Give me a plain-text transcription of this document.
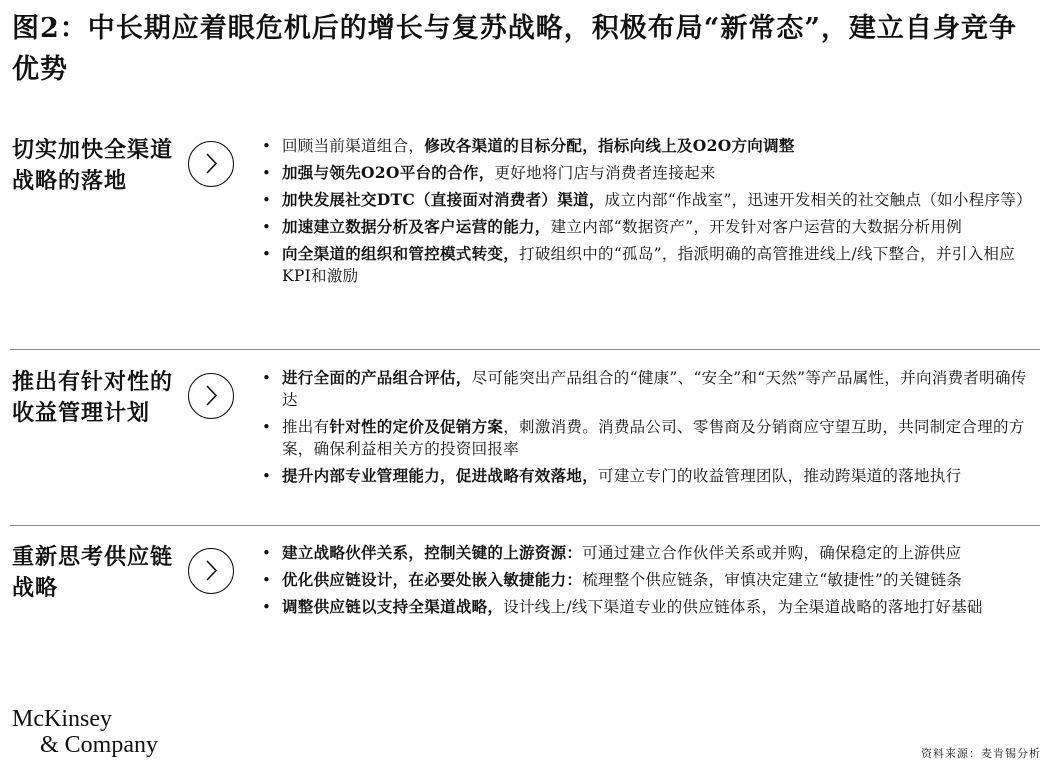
图2：中长期应着眼危机后的增长与复苏战略，积极布局“新常态”，建立自身竞争优势
切实加快全渠道战略的落地
• 回顾当前渠道组合，修改各渠道的目标分配，指标向线上及O2O方向调整
• 加强与领先O2O平台的合作，更好地将门店与消费者连接起来
• 加快发展社交DTC（直接面对消费者）渠道，成立内部“作战室”，迅速开发相关的社交触点（如小程序等）
• 加速建立数据分析及客户运营的能力，建立内部“数据资产”，开发针对客户运营的大数据分析用例
• 向全渠道的组织和管控模式转变，打破组织中的“孤岛”，指派明确的高管推进线上/线下整合，并引入相应KPI和激励
推出有针对性的收益管理计划
• 进行全面的产品组合评估，尽可能突出产品组合的“健康”、“安全”和“天然”等产品属性，并向消费者明确传达
• 推出有针对性的定价及促销方案，刺激消费。消费品公司、零售商及分销商应守望互助，共同制定合理的方案，确保利益相关方的投资回报率
• 提升内部专业管理能力，促进战略有效落地，可建立专门的收益管理团队，推动跨渠道的落地执行
重新思考供应链战略
• 建立战略伙伴关系，控制关键的上游资源：可通过建立合作伙伴关系或并购，确保稳定的上游供应
• 优化供应链设计，在必要处嵌入敏捷能力：梳理整个供应链条，审慎决定建立“敏捷性”的关键链条
• 调整供应链以支持全渠道战略，设计线上/线下渠道专业的供应链体系，为全渠道战略的落地打好基础
McKinsey
& Company	资料来源：麦肯锡分析
